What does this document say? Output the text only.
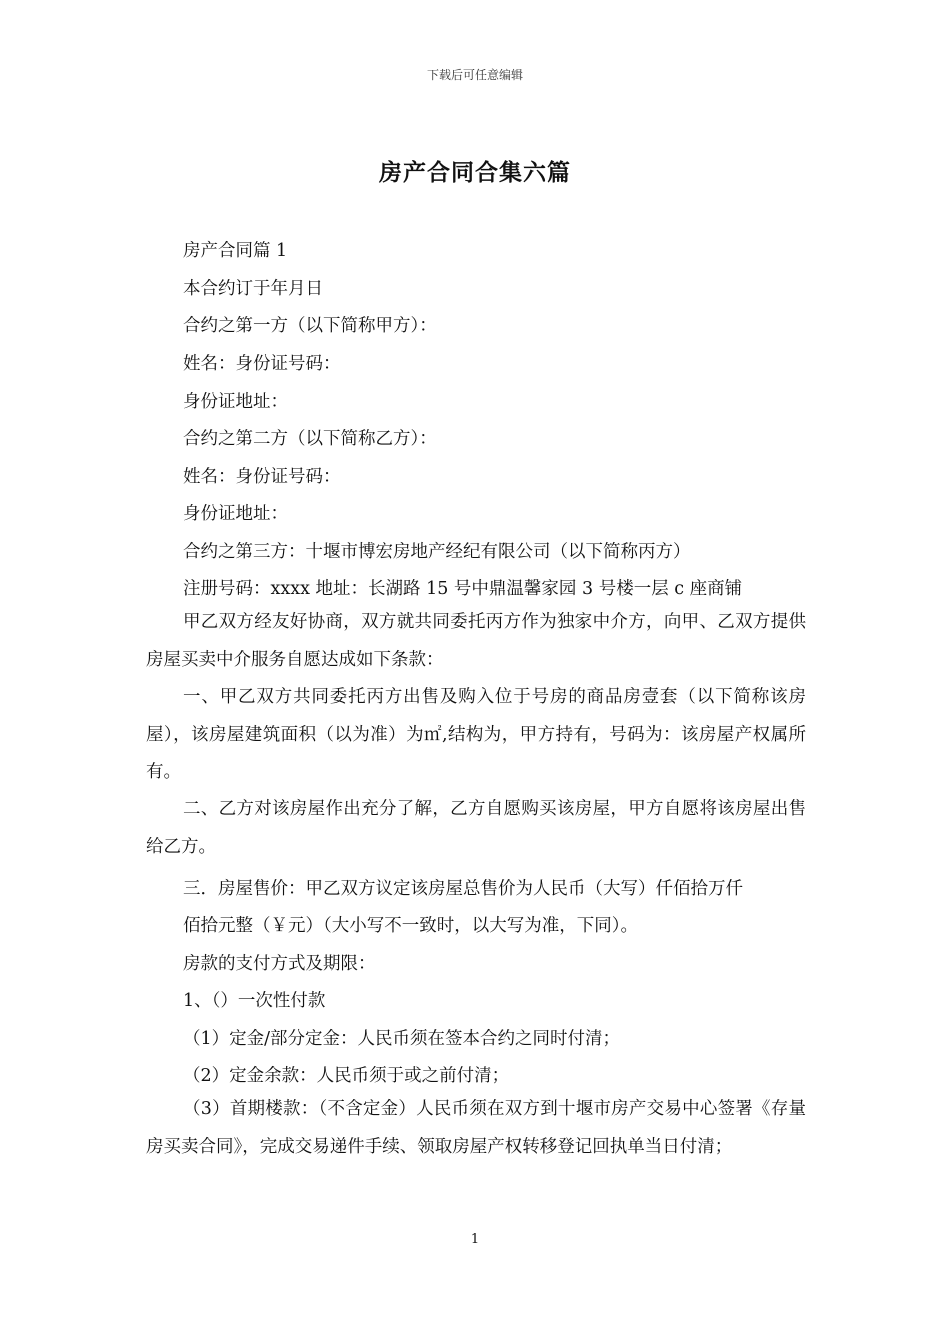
下载后可任意编辑
房产合同合集六篇
房产合同篇 1
本合约订于年月日
合约之第一方（以下简称甲方）：
姓名：身份证号码：
身份证地址：
合约之第二方（以下简称乙方）：
姓名：身份证号码：
身份证地址：
合约之第三方：十堰市博宏房地产经纪有限公司（以下简称丙方）
注册号码：xxxx 地址：长湖路 15 号中鼎温馨家园 3 号楼一层 c 座商铺
甲乙双方经友好协商，双方就共同委托丙方作为独家中介方，向甲、乙双方提供房屋买卖中介服务自愿达成如下条款：
一、甲乙双方共同委托丙方出售及购入位于号房的商品房壹套（以下简称该房屋），该房屋建筑面积（以为准）为㎡,结构为，甲方持有，号码为：该房屋产权属所有。
二、乙方对该房屋作出充分了解，乙方自愿购买该房屋，甲方自愿将该房屋出售给乙方。
三．房屋售价：甲乙双方议定该房屋总售价为人民币（大写）仟佰拾万仟
佰拾元整（￥元）（大小写不一致时，以大写为准，下同）。
房款的支付方式及期限：
1、（）一次性付款
（1）定金/部分定金：人民币须在签本合约之同时付清；
（2）定金余款：人民币须于或之前付清；
（3）首期楼款：（不含定金）人民币须在双方到十堰市房产交易中心签署《存量房买卖合同》，完成交易递件手续、领取房屋产权转移登记回执单当日付清；
1
